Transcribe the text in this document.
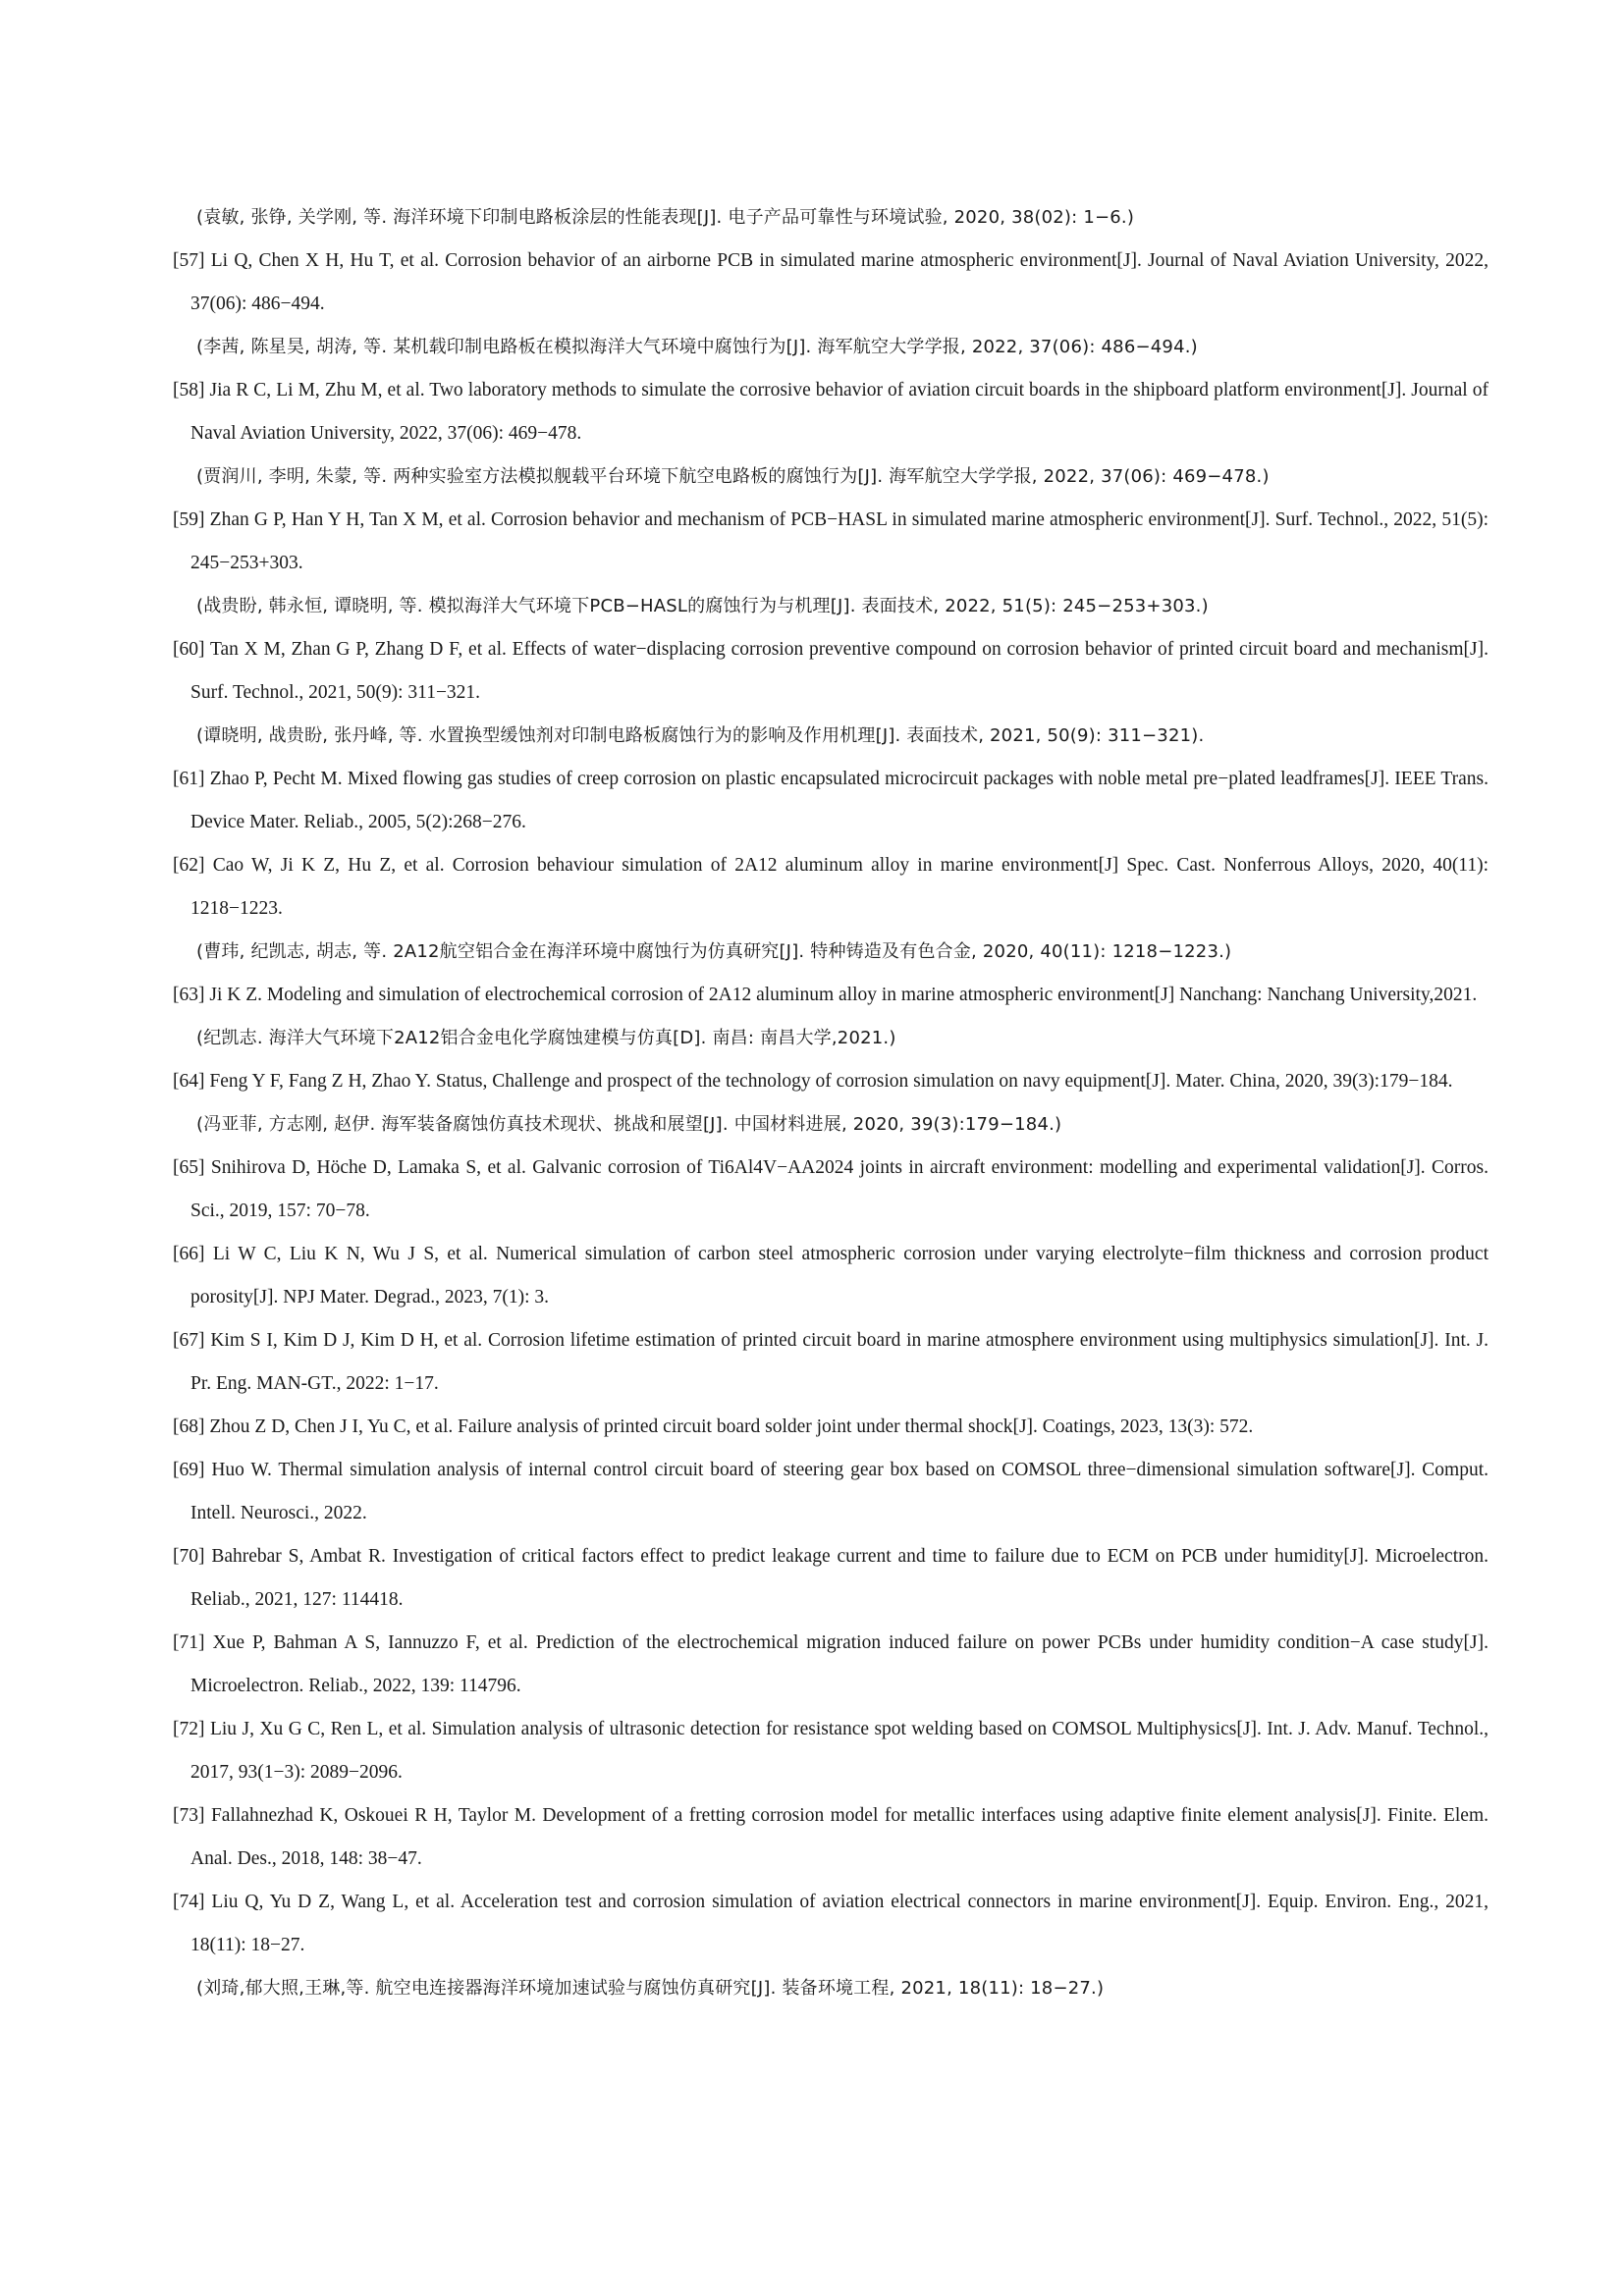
(袁敏, 张铮, 关学刚, 等. 海洋环境下印制电路板涂层的性能表现[J]. 电子产品可靠性与环境试验, 2020, 38(02): 1−6.)
[57] Li Q, Chen X H, Hu T, et al. Corrosion behavior of an airborne PCB in simulated marine atmospheric environment[J]. Journal of Naval Aviation University, 2022, 37(06): 486−494.
(李茜, 陈星昊, 胡涛, 等. 某机载印制电路板在模拟海洋大气环境中腐蚀行为[J]. 海军航空大学学报, 2022, 37(06): 486−494.)
[58] Jia R C, Li M, Zhu M, et al. Two laboratory methods to simulate the corrosive behavior of aviation circuit boards in the shipboard platform environment[J]. Journal of Naval Aviation University, 2022, 37(06): 469−478.
(贾润川, 李明, 朱蒙, 等. 两种实验室方法模拟舰载平台环境下航空电路板的腐蚀行为[J]. 海军航空大学学报, 2022, 37(06): 469−478.)
[59] Zhan G P, Han Y H, Tan X M, et al. Corrosion behavior and mechanism of PCB−HASL in simulated marine atmospheric environment[J]. Surf. Technol., 2022, 51(5): 245−253+303.
(战贵盼, 韩永恒, 谭晓明, 等. 模拟海洋大气环境下PCB−HASL的腐蚀行为与机理[J]. 表面技术, 2022, 51(5): 245−253+303.)
[60] Tan X M, Zhan G P, Zhang D F, et al. Effects of water−displacing corrosion preventive compound on corrosion behavior of printed circuit board and mechanism[J]. Surf. Technol., 2021, 50(9): 311−321.
(谭晓明, 战贵盼, 张丹峰, 等. 水置换型缓蚀剂对印制电路板腐蚀行为的影响及作用机理[J]. 表面技术, 2021, 50(9): 311−321).
[61] Zhao P, Pecht M. Mixed flowing gas studies of creep corrosion on plastic encapsulated microcircuit packages with noble metal pre−plated leadframes[J]. IEEE Trans. Device Mater. Reliab., 2005, 5(2):268−276.
[62] Cao W, Ji K Z, Hu Z, et al. Corrosion behaviour simulation of 2A12 aluminum alloy in marine environment[J] Spec. Cast. Nonferrous Alloys, 2020, 40(11): 1218−1223.
(曹玮, 纪凯志, 胡志, 等. 2A12航空铝合金在海洋环境中腐蚀行为仿真研究[J]. 特种铸造及有色合金, 2020, 40(11): 1218−1223.)
[63] Ji K Z. Modeling and simulation of electrochemical corrosion of 2A12 aluminum alloy in marine atmospheric environment[J] Nanchang: Nanchang University,2021.
(纪凯志. 海洋大气环境下2A12铝合金电化学腐蚀建模与仿真[D]. 南昌: 南昌大学,2021.)
[64] Feng Y F, Fang Z H, Zhao Y. Status, Challenge and prospect of the technology of corrosion simulation on navy equipment[J]. Mater. China, 2020, 39(3):179−184.
(冯亚菲, 方志刚, 赵伊. 海军装备腐蚀仿真技术现状、挑战和展望[J]. 中国材料进展, 2020, 39(3):179−184.)
[65] Snihirova D, Höche D, Lamaka S, et al. Galvanic corrosion of Ti6Al4V−AA2024 joints in aircraft environment: modelling and experimental validation[J]. Corros. Sci., 2019, 157: 70−78.
[66] Li W C, Liu K N, Wu J S, et al. Numerical simulation of carbon steel atmospheric corrosion under varying electrolyte−film thickness and corrosion product porosity[J]. NPJ Mater. Degrad., 2023, 7(1): 3.
[67] Kim S I, Kim D J, Kim D H, et al. Corrosion lifetime estimation of printed circuit board in marine atmosphere environment using multiphysics simulation[J]. Int. J. Pr. Eng. MAN-GT., 2022: 1−17.
[68] Zhou Z D, Chen J I, Yu C, et al. Failure analysis of printed circuit board solder joint under thermal shock[J]. Coatings, 2023, 13(3): 572.
[69] Huo W. Thermal simulation analysis of internal control circuit board of steering gear box based on COMSOL three−dimensional simulation software[J]. Comput. Intell. Neurosci., 2022.
[70] Bahrebar S, Ambat R. Investigation of critical factors effect to predict leakage current and time to failure due to ECM on PCB under humidity[J]. Microelectron. Reliab., 2021, 127: 114418.
[71] Xue P, Bahman A S, Iannuzzo F, et al. Prediction of the electrochemical migration induced failure on power PCBs under humidity condition−A case study[J]. Microelectron. Reliab., 2022, 139: 114796.
[72] Liu J, Xu G C, Ren L, et al. Simulation analysis of ultrasonic detection for resistance spot welding based on COMSOL Multiphysics[J]. Int. J. Adv. Manuf. Technol., 2017, 93(1−3): 2089−2096.
[73] Fallahnezhad K, Oskouei R H, Taylor M. Development of a fretting corrosion model for metallic interfaces using adaptive finite element analysis[J]. Finite. Elem. Anal. Des., 2018, 148: 38−47.
[74] Liu Q, Yu D Z, Wang L, et al. Acceleration test and corrosion simulation of aviation electrical connectors in marine environment[J]. Equip. Environ. Eng., 2021, 18(11): 18−27.
(刘琦,郁大照,王琳,等. 航空电连接器海洋环境加速试验与腐蚀仿真研究[J]. 装备环境工程, 2021, 18(11): 18−27.)
